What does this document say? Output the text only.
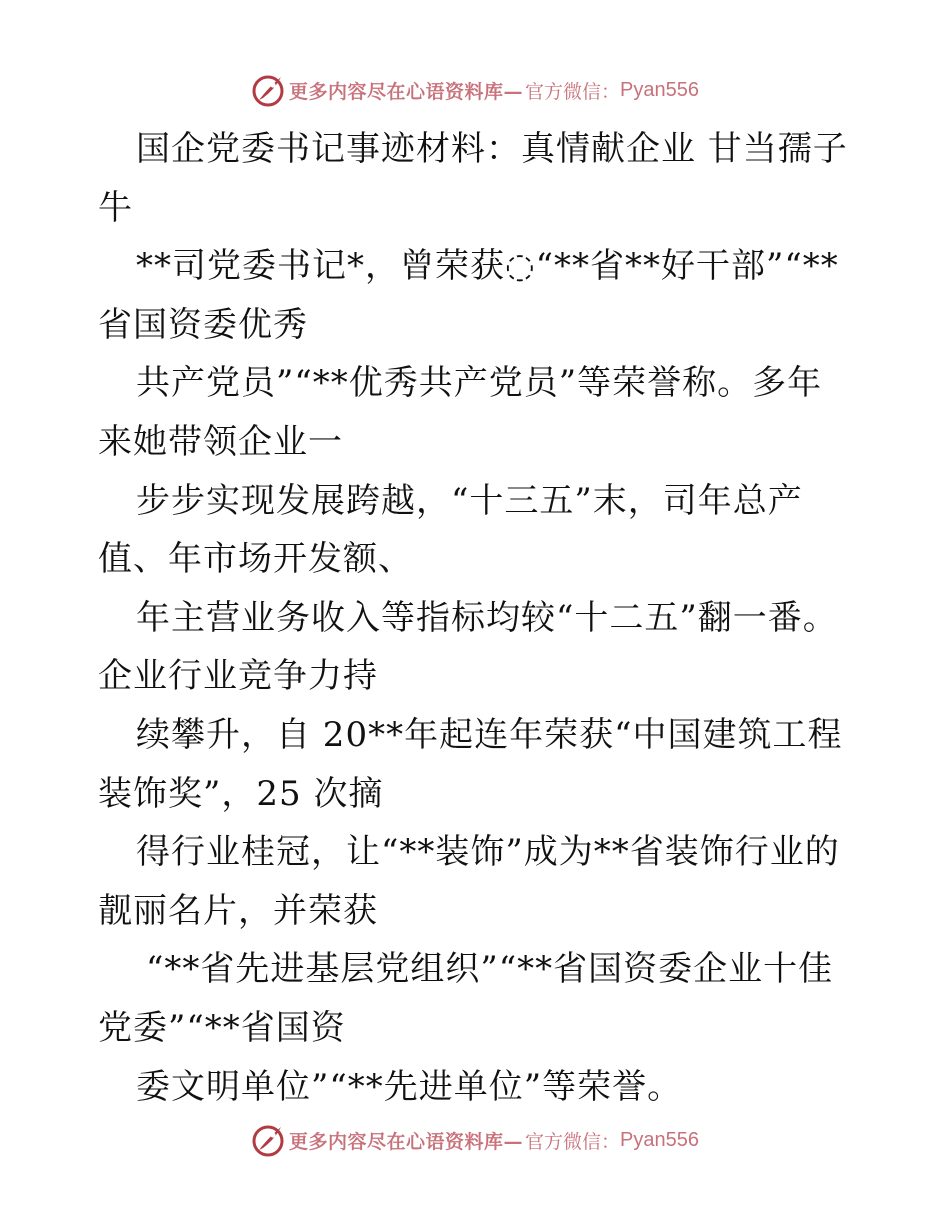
更多内容尽在心语资料库— 官方微信： Pyan556
国企党委书记事迹材料：真情献企业 甘当孺子
牛
**司党委书记*，曾荣获◌“**省**好干部”“**
省国资委优秀
共产党员”“**优秀共产党员”等荣誉称。多年
来她带领企业一
步步实现发展跨越，“十三五”末，司年总产
值、年市场开发额、
年主营业务收入等指标均较“十二五”翻一番。
企业行业竞争力持
续攀升，自 20**年起连年荣获“中国建筑工程
装饰奖”，25 次摘
得行业桂冠，让“**装饰”成为**省装饰行业的
靓丽名片，并荣获
“**省先进基层党组织”“**省国资委企业十佳
党委”“**省国资
委文明单位”“**先进单位”等荣誉。
更多内容尽在心语资料库— 官方微信： Pyan556
